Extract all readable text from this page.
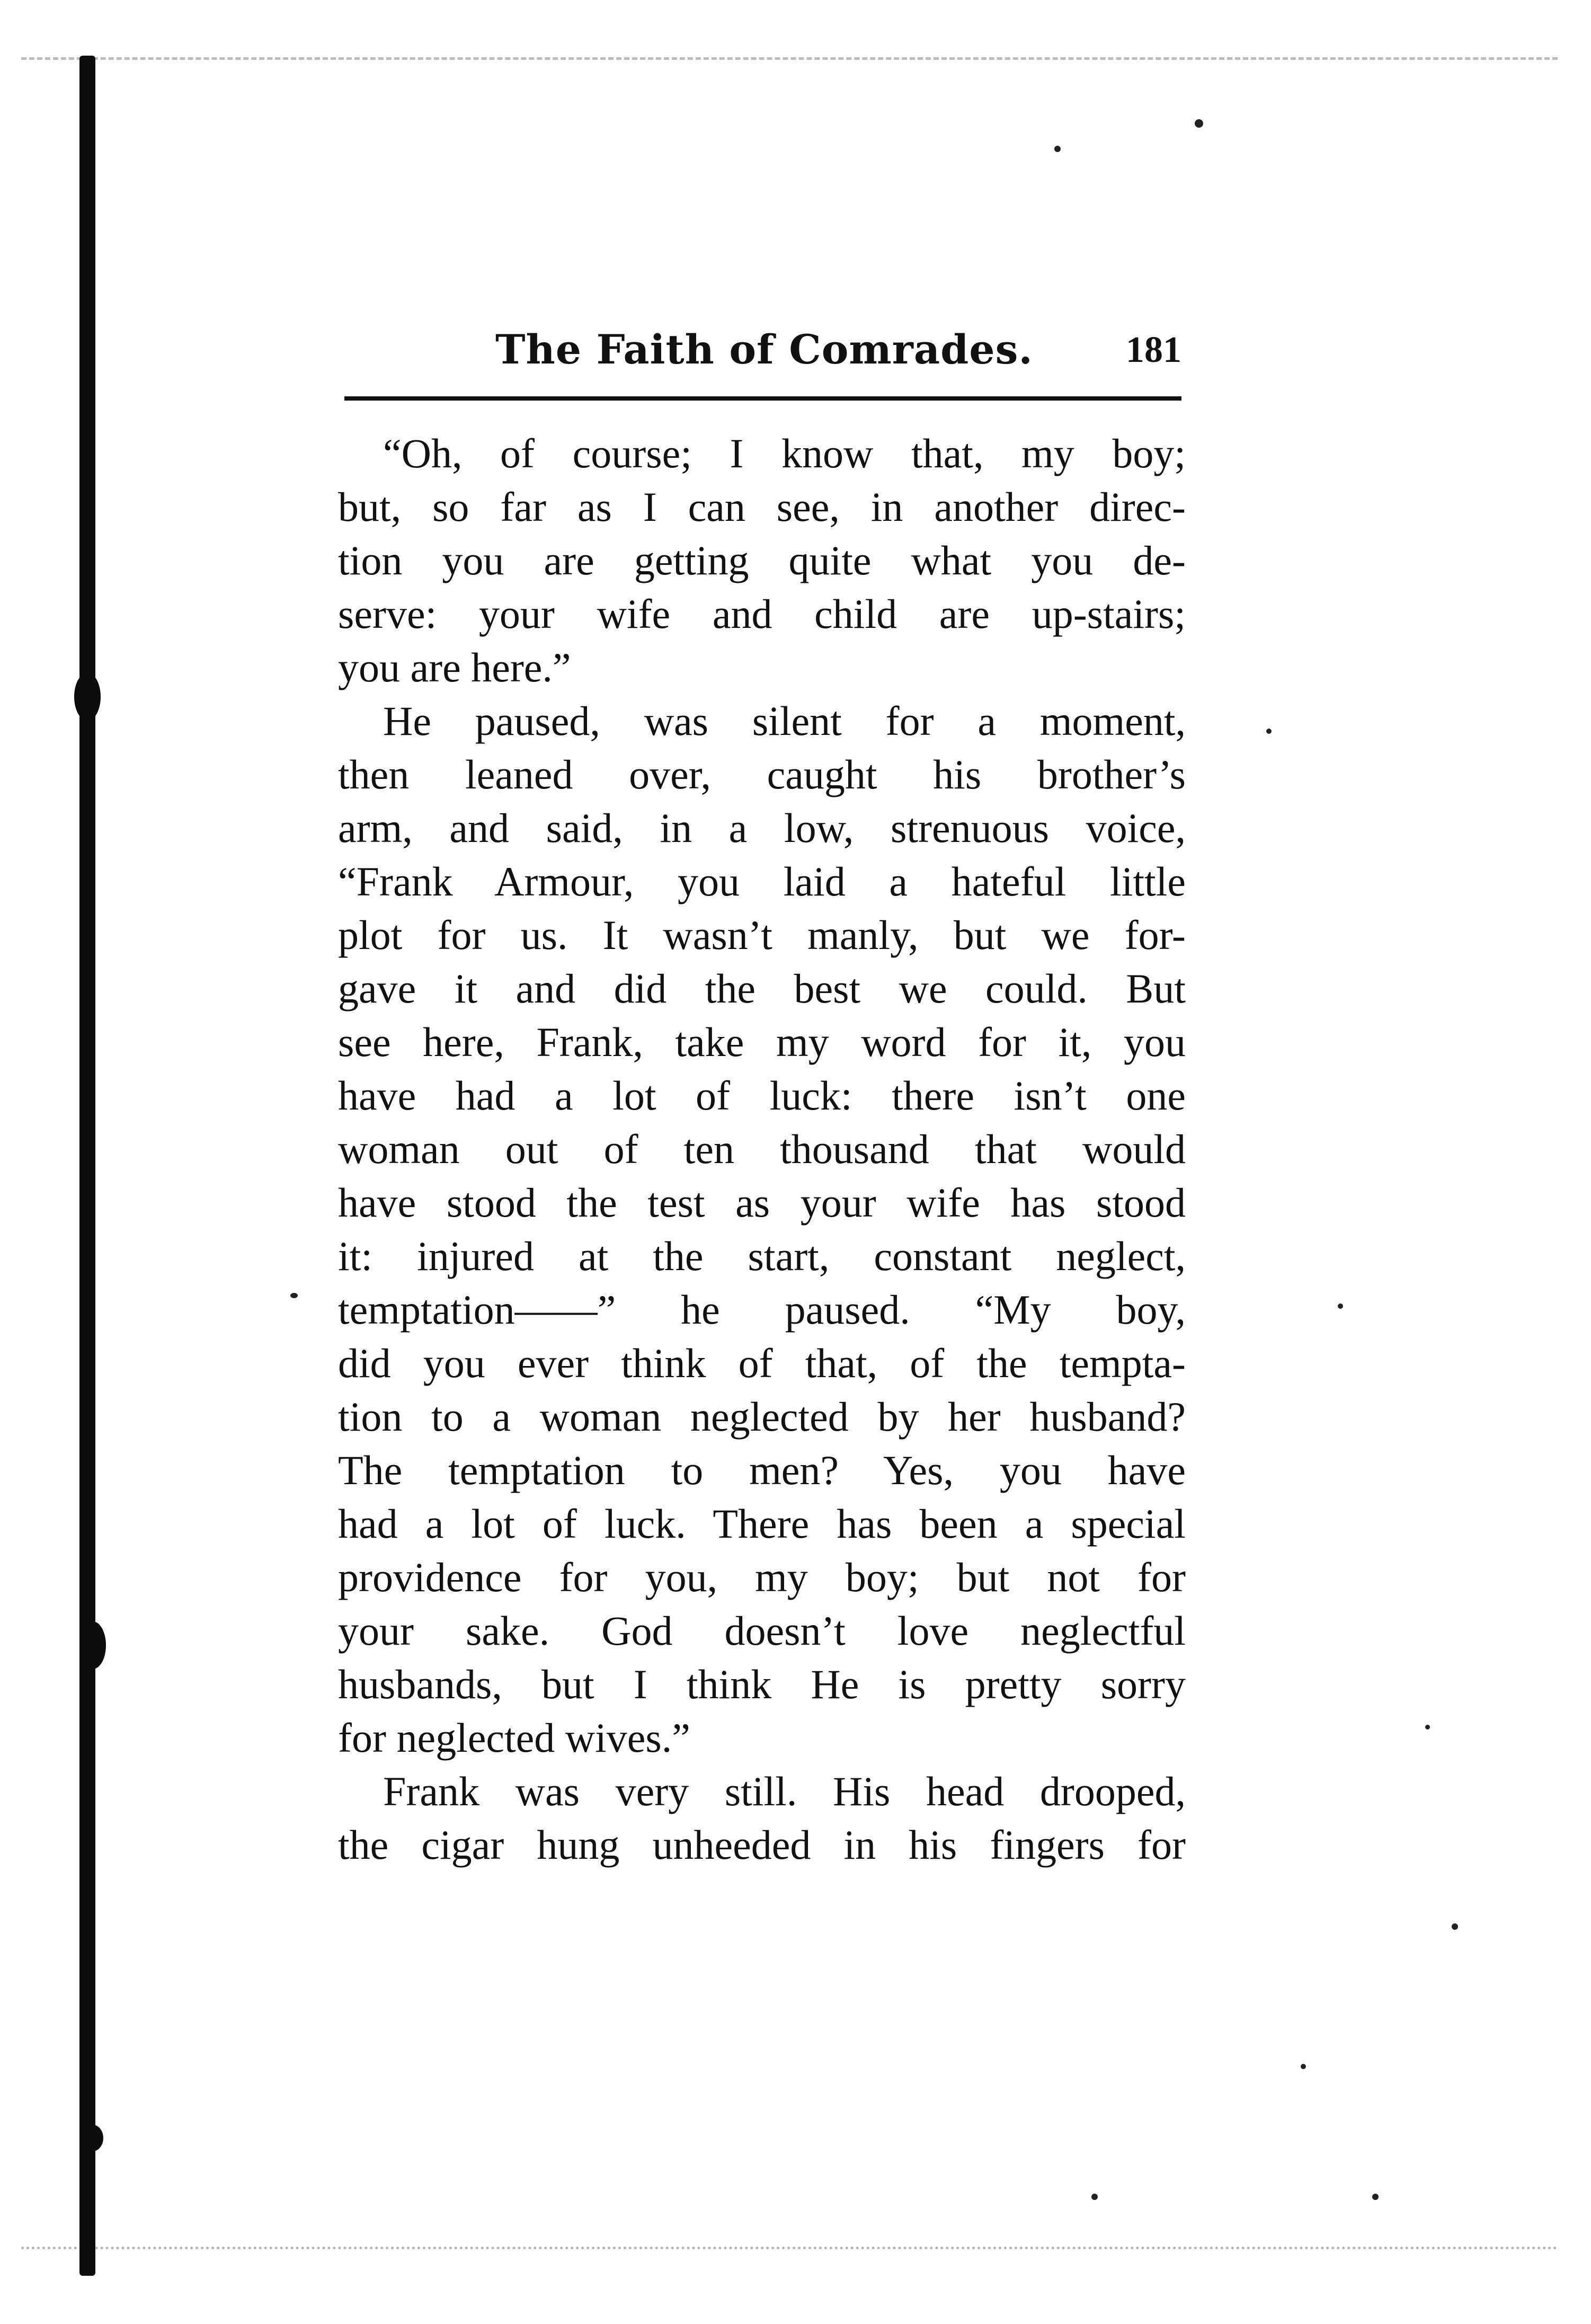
The Faith of Comrades.	181
“Oh, of course; I know that, my boy;
but, so far as I can see, in another direc-
tion you are getting quite what you de-
serve: your wife and child are up-stairs;
you are here.”
He paused, was silent for a moment,
then leaned over, caught his brother’s
arm, and said, in a low, strenuous voice,
“Frank Armour, you laid a hateful little
plot for us. It wasn’t manly, but we for-
gave it and did the best we could. But
see here, Frank, take my word for it, you
have had a lot of luck: there isn’t one
woman out of ten thousand that would
have stood the test as your wife has stood
it: injured at the start, constant neglect,
temptation——” he paused. “My boy,
did you ever think of that, of the tempta-
tion to a woman neglected by her husband?
The temptation to men? Yes, you have
had a lot of luck. There has been a special
providence for you, my boy; but not for
your sake. God doesn’t love neglectful
husbands, but I think He is pretty sorry
for neglected wives.”
Frank was very still. His head drooped,
the cigar hung unheeded in his fingers for
